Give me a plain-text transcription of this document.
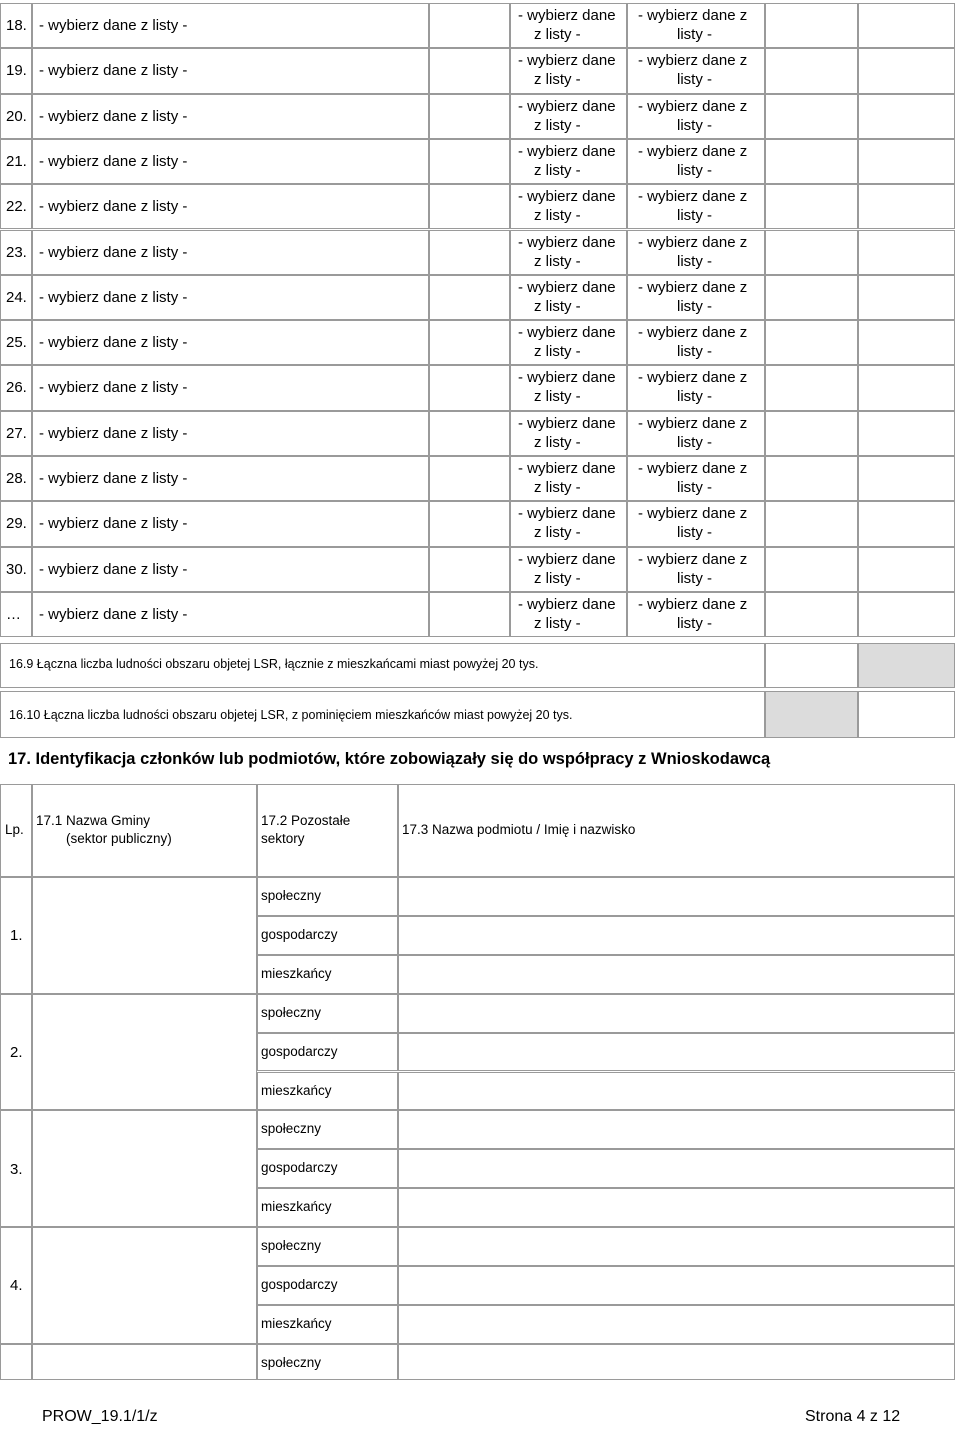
18. - wybierz dane z listy -
- wybierz dane
z listy -
- wybierz dane z
listy -
19. - wybierz dane z listy -
- wybierz dane
z listy -
- wybierz dane z
listy -
20. - wybierz dane z listy -
- wybierz dane
z listy -
- wybierz dane z
listy -
21. - wybierz dane z listy -
- wybierz dane
z listy -
- wybierz dane z
listy -
22. - wybierz dane z listy -
- wybierz dane
z listy -
- wybierz dane z
listy -
23. - wybierz dane z listy -
- wybierz dane
z listy -
- wybierz dane z
listy -
24. - wybierz dane z listy -
- wybierz dane
z listy -
- wybierz dane z
listy -
25. - wybierz dane z listy -
- wybierz dane
z listy -
- wybierz dane z
listy -
26. - wybierz dane z listy -
- wybierz dane
z listy -
- wybierz dane z
listy -
27. - wybierz dane z listy -
- wybierz dane
z listy -
- wybierz dane z
listy -
28. - wybierz dane z listy -
- wybierz dane
z listy -
- wybierz dane z
listy -
29. - wybierz dane z listy -
- wybierz dane
z listy -
- wybierz dane z
listy -
30. - wybierz dane z listy -
- wybierz dane
z listy -
- wybierz dane z
listy -
… - wybierz dane z listy -
- wybierz dane
z listy -
- wybierz dane z
listy -
16.9 Łączna liczba ludności obszaru objetej LSR, łącznie z mieszkańcami miast powyżej 20 tys.
16.10 Łączna liczba ludności obszaru objetej LSR, z pominięciem mieszkańców miast powyżej 20 tys.
17. Identyfikacja członków lub podmiotów, które zobowiązały się do współpracy z Wnioskodawcą
Lp.
17.1 Nazwa Gminy
(sektor publiczny)
17.2 Pozostałe
sektory
17.3 Nazwa podmiotu / Imię i nazwisko
1.
społeczny
gospodarczy
mieszkańcy
2.
społeczny
gospodarczy
mieszkańcy
3.
społeczny
gospodarczy
mieszkańcy
4.
społeczny
gospodarczy
mieszkańcy
społeczny
PROW_19.1/1/z	Strona 4 z 12
